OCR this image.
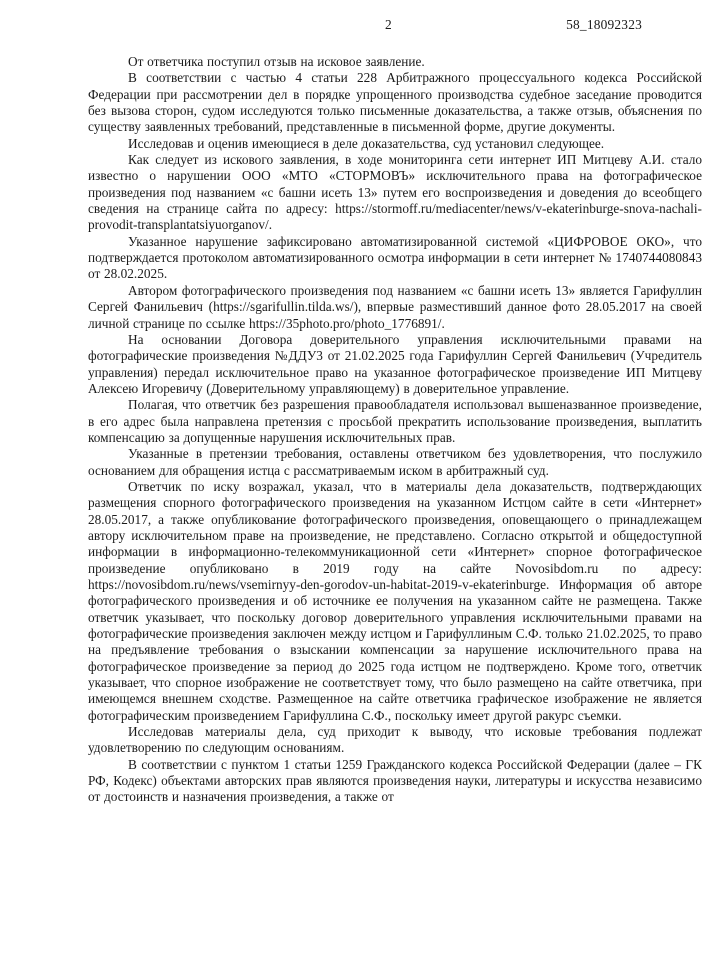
2	58_18092323

От ответчика поступил отзыв на исковое заявление.

В соответствии с частью 4 статьи 228 Арбитражного процессуального кодекса Российской Федерации при рассмотрении дел в порядке упрощенного производства судебное заседание проводится без вызова сторон, судом исследуются только письменные доказательства, а также отзыв, объяснения по существу заявленных требований, представленные в письменной форме, другие документы.

Исследовав и оценив имеющиеся в деле доказательства, суд установил следующее.

Как следует из искового заявления, в ходе мониторинга сети интернет ИП Митцеву А.И. стало известно о нарушении ООО «МТО «СТОРМОВЪ» исключительного права на фотографическое произведения под названием «с башни исеть 13» путем его воспроизведения и доведения до всеобщего сведения на странице сайта по адресу: https://stormoff.ru/mediacenter/news/v-ekaterinburge-snova-nachali-provodit-transplantatsiyuorganov/.

Указанное нарушение зафиксировано автоматизированной системой «ЦИФРОВОЕ ОКО», что подтверждается протоколом автоматизированного осмотра информации в сети интернет № 1740744080843 от 28.02.2025.

Автором фотографического произведения под названием «с башни исеть 13» является Гарифуллин Сергей Фанильевич (https://sgarifullin.tilda.ws/), впервые разместивший данное фото 28.05.2017 на своей личной странице по ссылке https://35photo.pro/photo_1776891/.

На основании Договора доверительного управления исключительными правами на фотографические произведения №ДДУ3 от 21.02.2025 года Гарифуллин Сергей Фанильевич (Учредитель управления) передал исключительное право на указанное фотографическое произведение ИП Митцеву Алексею Игоревичу (Доверительному управляющему) в доверительное управление.

Полагая, что ответчик без разрешения правообладателя использовал вышеназванное произведение, в его адрес была направлена претензия с просьбой прекратить использование произведения, выплатить компенсацию за допущенные нарушения исключительных прав.

Указанные в претензии требования, оставлены ответчиком без удовлетворения, что послужило основанием для обращения истца с рассматриваемым иском в арбитражный суд.

Ответчик по иску возражал, указал, что в материалы дела доказательств, подтверждающих размещения спорного фотографического произведения на указанном Истцом сайте в сети «Интернет» 28.05.2017, а также опубликование фотографического произведения, оповещающего о принадлежащем автору исключительном праве на произведение, не представлено. Согласно открытой и общедоступной информации в информационно-телекоммуникационной сети «Интернет» спорное фотографическое произведение опубликовано в 2019 году на сайте Novosibdom.ru по адресу: https://novosibdom.ru/news/vsemirnyy-den-gorodov-un-habitat-2019-v-ekaterinburge. Информация об авторе фотографического произведения и об источнике ее получения на указанном сайте не размещена. Также ответчик указывает, что поскольку договор доверительного управления исключительными правами на фотографические произведения заключен между истцом и Гарифуллиным С.Ф. только 21.02.2025, то право на предъявление требования о взыскании компенсации за нарушение исключительного права на фотографическое произведение за период до 2025 года истцом не подтверждено. Кроме того, ответчик указывает, что спорное изображение не соответствует тому, что было размещено на сайте ответчика, при имеющемся внешнем сходстве. Размещенное на сайте ответчика графическое изображение не является фотографическим произведением Гарифуллина С.Ф., поскольку имеет другой ракурс съемки.

Исследовав материалы дела, суд приходит к выводу, что исковые требования подлежат удовлетворению по следующим основаниям.

В соответствии с пунктом 1 статьи 1259 Гражданского кодекса Российской Федерации (далее – ГК РФ, Кодекс) объектами авторских прав являются произведения науки, литературы и искусства независимо от достоинств и назначения произведения, а также от
